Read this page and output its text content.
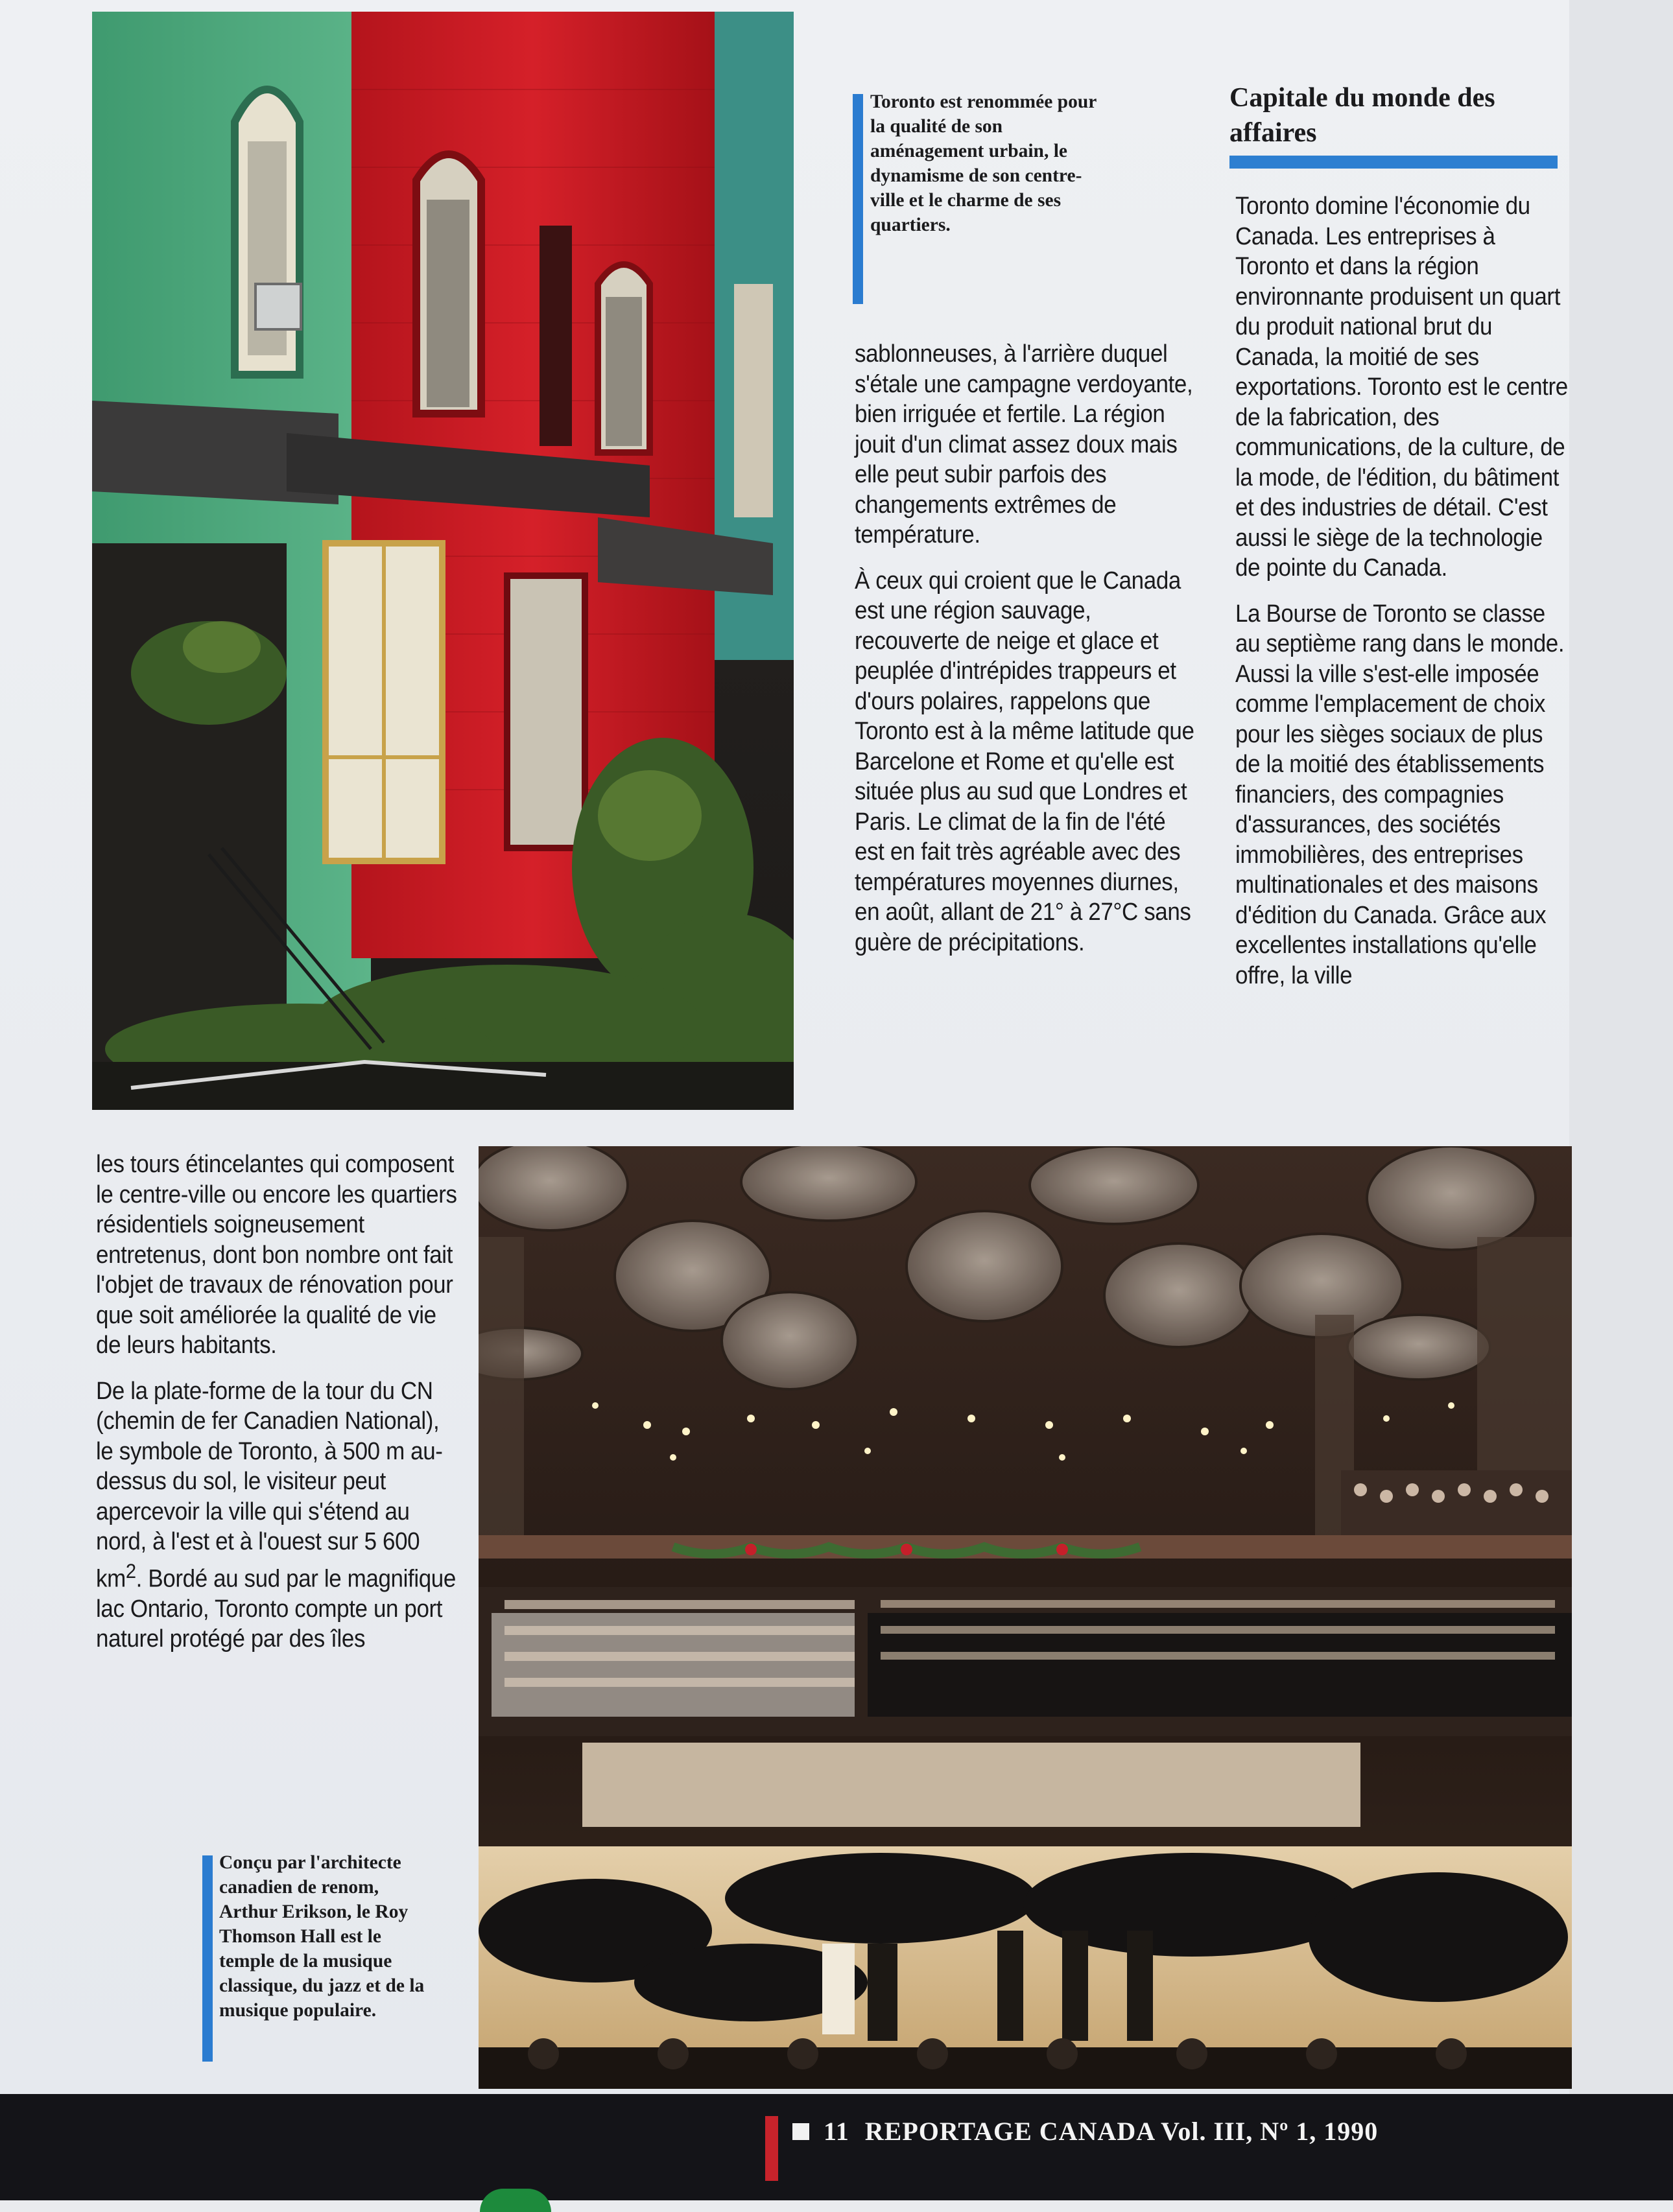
Toronto est renommée pour la qualité de son aménagement urbain, le dynamisme de son centre-ville et le charme de ses quartiers.
Capitale du monde des affaires

sablonneuses, à l'arrière duquel s'étale une campagne verdoyante, bien irriguée et fertile. La région jouit d'un climat assez doux mais elle peut subir parfois des changements extrêmes de température.

À ceux qui croient que le Canada est une région sauvage, recouverte de neige et glace et peuplée d'intrépides trappeurs et d'ours polaires, rappelons que Toronto est à la même latitude que Barcelone et Rome et qu'elle est située plus au sud que Londres et Paris. Le climat de la fin de l'été est en fait très agréable avec des températures moyennes diurnes, en août, allant de 21° à 27°C sans guère de précipitations.

Toronto domine l'économie du Canada. Les entreprises à Toronto et dans la région environnante produisent un quart du produit national brut du Canada, la moitié de ses exportations. Toronto est le centre de la fabrication, des communications, de la culture, de la mode, de l'édition, du bâtiment et des industries de détail. C'est aussi le siège de la technologie de pointe du Canada.

La Bourse de Toronto se classe au septième rang dans le monde. Aussi la ville s'est-elle imposée comme l'emplacement de choix pour les sièges sociaux de plus de la moitié des établissements financiers, des compagnies d'assurances, des sociétés immobilières, des entreprises multinationales et des maisons d'édition du Canada. Grâce aux excellentes installations qu'elle offre, la ville

les tours étincelantes qui composent le centre-ville ou encore les quartiers résidentiels soigneusement entretenus, dont bon nombre ont fait l'objet de travaux de rénovation pour que soit améliorée la qualité de vie de leurs habitants.

De la plate-forme de la tour du CN (chemin de fer Canadien National), le symbole de Toronto, à 500 m au-dessus du sol, le visiteur peut apercevoir la ville qui s'étend au nord, à l'est et à l'ouest sur 5 600 $km^2$. Bordé au sud par le magnifique lac Ontario, Toronto compte un port naturel protégé par des îles

Conçu par l'architecte canadien de renom, Arthur Erikson, le Roy Thomson Hall est le temple de la musique classique, du jazz et de la musique populaire.
11 REPORTAGE CANADA Vol. III, Nº 1, 1990
